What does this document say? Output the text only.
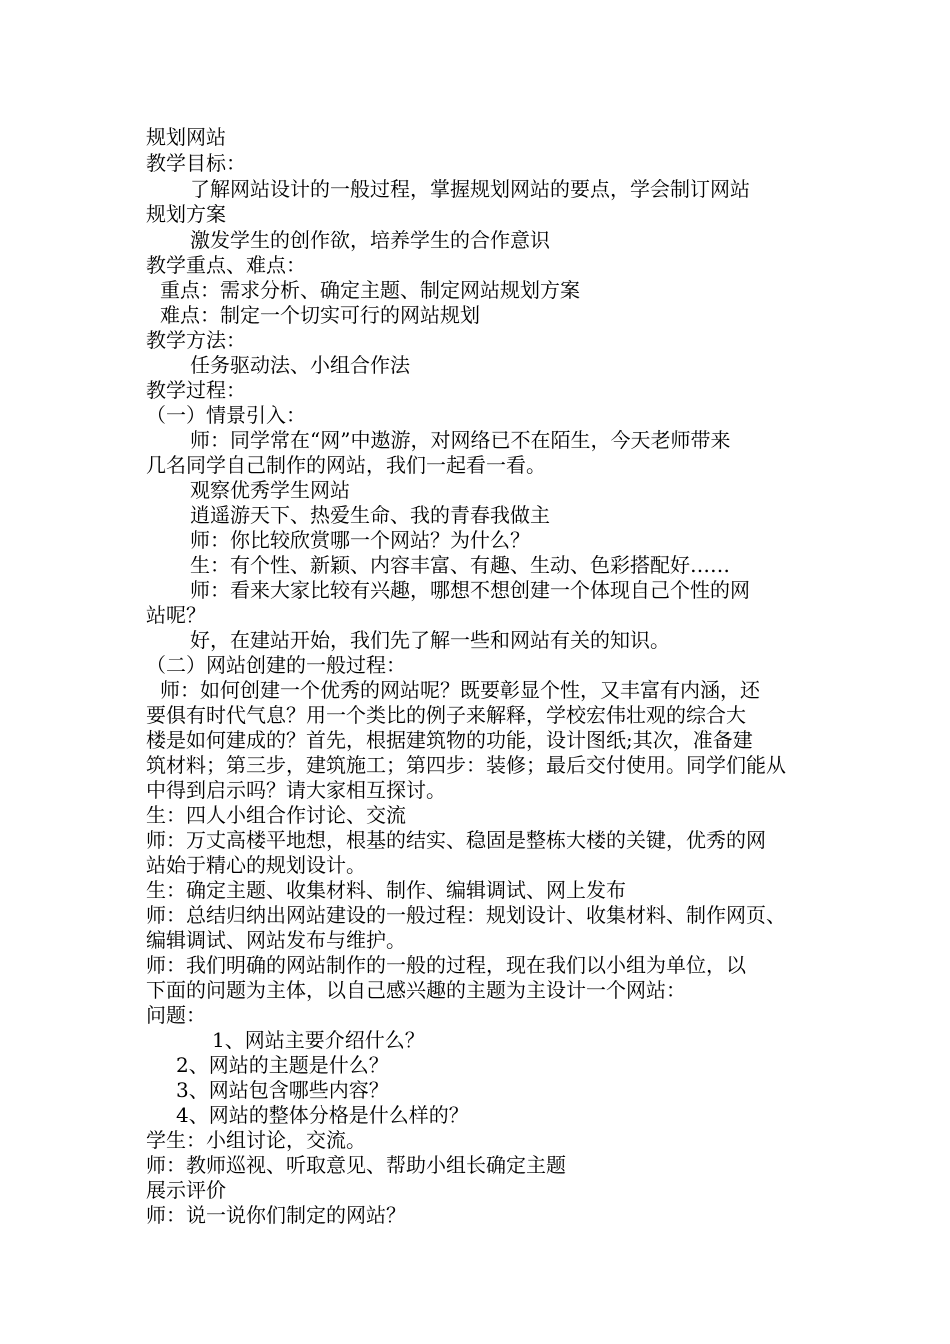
规划网站
教学目标：
了解网站设计的一般过程，掌握规划网站的要点，学会制订网站
规划方案
激发学生的创作欲，培养学生的合作意识
教学重点、难点：
重点：需求分析、确定主题、制定网站规划方案
难点：制定一个切实可行的网站规划
教学方法：
任务驱动法、小组合作法
教学过程：
（一）情景引入：
师：同学常在“网”中遨游，对网络已不在陌生，今天老师带来
几名同学自己制作的网站，我们一起看一看。
观察优秀学生网站
逍遥游天下、热爱生命、我的青春我做主
师：你比较欣赏哪一个网站？为什么？
生：有个性、新颖、内容丰富、有趣、生动、色彩搭配好……
师：看来大家比较有兴趣，哪想不想创建一个体现自己个性的网
站呢？
好，在建站开始，我们先了解一些和网站有关的知识。
（二）网站创建的一般过程：
师：如何创建一个优秀的网站呢？既要彰显个性，又丰富有内涵，还
要俱有时代气息？用一个类比的例子来解释，学校宏伟壮观的综合大
楼是如何建成的？首先，根据建筑物的功能，设计图纸;其次，准备建
筑材料；第三步，建筑施工；第四步：装修；最后交付使用。同学们能从
中得到启示吗？请大家相互探讨。
生：四人小组合作讨论、交流
师：万丈高楼平地想，根基的结实、稳固是整栋大楼的关键，优秀的网
站始于精心的规划设计。
生：确定主题、收集材料、制作、编辑调试、网上发布
师：总结归纳出网站建设的一般过程：规划设计、收集材料、制作网页、
编辑调试、网站发布与维护。
师：我们明确的网站制作的一般的过程，现在我们以小组为单位，以
下面的问题为主体，以自己感兴趣的主题为主设计一个网站：
问题：
1、网站主要介绍什么？
2、网站的主题是什么？
3、网站包含哪些内容？
4、网站的整体分格是什么样的？
学生：小组讨论，交流。
师：教师巡视、听取意见、帮助小组长确定主题
展示评价
师：说一说你们制定的网站？
